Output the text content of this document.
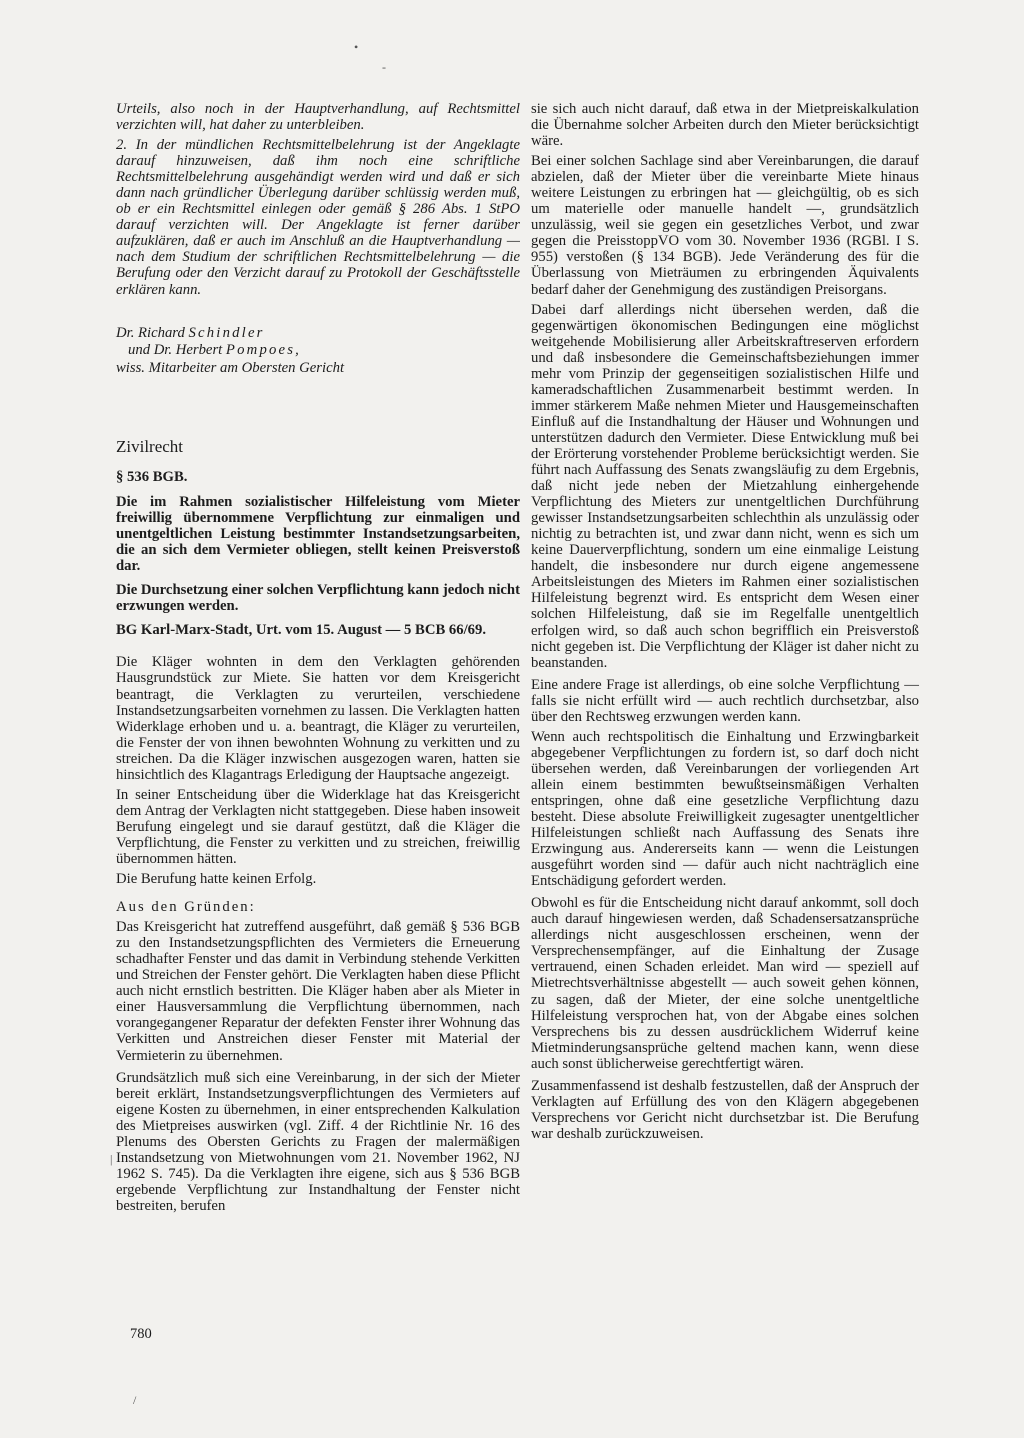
•
-
|
/

Urteils, also noch in der Hauptverhandlung, auf Rechtsmittel verzichten will, hat daher zu unterbleiben.

2. In der mündlichen Rechtsmittelbelehrung ist der Angeklagte darauf hinzuweisen, daß ihm noch eine schriftliche Rechtsmittelbelehrung ausgehändigt werden wird und daß er sich dann nach gründlicher Überlegung darüber schlüssig werden muß, ob er ein Rechtsmittel einlegen oder gemäß § 286 Abs. 1 StPO darauf verzichten will. Der Angeklagte ist ferner darüber aufzuklären, daß er auch im Anschluß an die Hauptverhandlung — nach dem Studium der schriftlichen Rechtsmittelbelehrung — die Berufung oder den Verzicht darauf zu Protokoll der Geschäftsstelle erklären kann.

Dr. Richard Schindler
und Dr. Herbert Pompoes,
wiss. Mitarbeiter am Obersten Gericht
Zivilrecht
§ 536 BGB.

Die im Rahmen sozialistischer Hilfeleistung vom Mieter freiwillig übernommene Verpflichtung zur einmaligen und unentgeltlichen Leistung bestimmter Instandsetzungsarbeiten, die an sich dem Vermieter obliegen, stellt keinen Preisverstoß dar.

Die Durchsetzung einer solchen Verpflichtung kann jedoch nicht erzwungen werden.

BG Karl-Marx-Stadt, Urt. vom 15. August — 5 BCB 66/69.

Die Kläger wohnten in dem den Verklagten gehörenden Hausgrundstück zur Miete. Sie hatten vor dem Kreisgericht beantragt, die Verklagten zu verurteilen, verschiedene Instandsetzungsarbeiten vornehmen zu lassen. Die Verklagten hatten Widerklage erhoben und u. a. beantragt, die Kläger zu verurteilen, die Fenster der von ihnen bewohnten Wohnung zu verkitten und zu streichen. Da die Kläger inzwischen ausgezogen waren, hatten sie hinsichtlich des Klagantrags Erledigung der Hauptsache angezeigt.

In seiner Entscheidung über die Widerklage hat das Kreisgericht dem Antrag der Verklagten nicht stattgegeben. Diese haben insoweit Berufung eingelegt und sie darauf gestützt, daß die Kläger die Verpflichtung, die Fenster zu verkitten und zu streichen, freiwillig übernommen hätten.

Die Berufung hatte keinen Erfolg.

Aus den Gründen:

Das Kreisgericht hat zutreffend ausgeführt, daß gemäß § 536 BGB zu den Instandsetzungspflichten des Vermieters die Erneuerung schadhafter Fenster und das damit in Verbindung stehende Verkitten und Streichen der Fenster gehört. Die Verklagten haben diese Pflicht auch nicht ernstlich bestritten. Die Kläger haben aber als Mieter in einer Hausversammlung die Verpflichtung übernommen, nach vorangegangener Reparatur der defekten Fenster ihrer Wohnung das Verkitten und Anstreichen dieser Fenster mit Material der Vermieterin zu übernehmen.

Grundsätzlich muß sich eine Vereinbarung, in der sich der Mieter bereit erklärt, Instandsetzungsverpflichtungen des Vermieters auf eigene Kosten zu übernehmen, in einer entsprechenden Kalkulation des Mietpreises auswirken (vgl. Ziff. 4 der Richtlinie Nr. 16 des Plenums des Obersten Gerichts zu Fragen der malermäßigen Instandsetzung von Mietwohnungen vom 21. November 1962, NJ 1962 S. 745). Da die Verklagten ihre eigene, sich aus § 536 BGB ergebende Verpflichtung zur Instandhaltung der Fenster nicht bestreiten, berufen

sie sich auch nicht darauf, daß etwa in der Mietpreiskalkulation die Übernahme solcher Arbeiten durch den Mieter berücksichtigt wäre.

Bei einer solchen Sachlage sind aber Vereinbarungen, die darauf abzielen, daß der Mieter über die vereinbarte Miete hinaus weitere Leistungen zu erbringen hat — gleichgültig, ob es sich um materielle oder manuelle handelt —, grundsätzlich unzulässig, weil sie gegen ein gesetzliches Verbot, und zwar gegen die PreisstoppVO vom 30. November 1936 (RGBl. I S. 955) verstoßen (§ 134 BGB). Jede Veränderung des für die Überlassung von Mieträumen zu erbringenden Äquivalents bedarf daher der Genehmigung des zuständigen Preisorgans.

Dabei darf allerdings nicht übersehen werden, daß die gegenwärtigen ökonomischen Bedingungen eine möglichst weitgehende Mobilisierung aller Arbeitskraftreserven erfordern und daß insbesondere die Gemeinschaftsbeziehungen immer mehr vom Prinzip der gegenseitigen sozialistischen Hilfe und kameradschaftlichen Zusammenarbeit bestimmt werden. In immer stärkerem Maße nehmen Mieter und Hausgemeinschaften Einfluß auf die Instandhaltung der Häuser und Wohnungen und unterstützen dadurch den Vermieter. Diese Entwicklung muß bei der Erörterung vorstehender Probleme berücksichtigt werden. Sie führt nach Auffassung des Senats zwangsläufig zu dem Ergebnis, daß nicht jede neben der Mietzahlung einhergehende Verpflichtung des Mieters zur unentgeltlichen Durchführung gewisser Instandsetzungsarbeiten schlechthin als unzulässig oder nichtig zu betrachten ist, und zwar dann nicht, wenn es sich um keine Dauerverpflichtung, sondern um eine einmalige Leistung handelt, die insbesondere nur durch eigene angemessene Arbeitsleistungen des Mieters im Rahmen einer sozialistischen Hilfeleistung begrenzt wird. Es entspricht dem Wesen einer solchen Hilfeleistung, daß sie im Regelfalle unentgeltlich erfolgen wird, so daß auch schon begrifflich ein Preisverstoß nicht gegeben ist. Die Verpflichtung der Kläger ist daher nicht zu beanstanden.

Eine andere Frage ist allerdings, ob eine solche Verpflichtung — falls sie nicht erfüllt wird — auch rechtlich durchsetzbar, also über den Rechtsweg erzwungen werden kann.

Wenn auch rechtspolitisch die Einhaltung und Erzwingbarkeit abgegebener Verpflichtungen zu fordern ist, so darf doch nicht übersehen werden, daß Vereinbarungen der vorliegenden Art allein einem bestimmten bewußtseinsmäßigen Verhalten entspringen, ohne daß eine gesetzliche Verpflichtung dazu besteht. Diese absolute Freiwilligkeit zugesagter unentgeltlicher Hilfeleistungen schließt nach Auffassung des Senats ihre Erzwingung aus. Andererseits kann — wenn die Leistungen ausgeführt worden sind — dafür auch nicht nachträglich eine Entschädigung gefordert werden.

Obwohl es für die Entscheidung nicht darauf ankommt, soll doch auch darauf hingewiesen werden, daß Schadensersatzansprüche allerdings nicht ausgeschlossen erscheinen, wenn der Versprechensempfänger, auf die Einhaltung der Zusage vertrauend, einen Schaden erleidet. Man wird — speziell auf Mietrechtsverhältnisse abgestellt — auch soweit gehen können, zu sagen, daß der Mieter, der eine solche unentgeltliche Hilfeleistung versprochen hat, von der Abgabe eines solchen Versprechens bis zu dessen ausdrücklichem Widerruf keine Mietminderungsansprüche geltend machen kann, wenn diese auch sonst üblicherweise gerechtfertigt wären.

Zusammenfassend ist deshalb festzustellen, daß der Anspruch der Verklagten auf Erfüllung des von den Klägern abgegebenen Versprechens vor Gericht nicht durchsetzbar ist. Die Berufung war deshalb zurückzuweisen.

780
